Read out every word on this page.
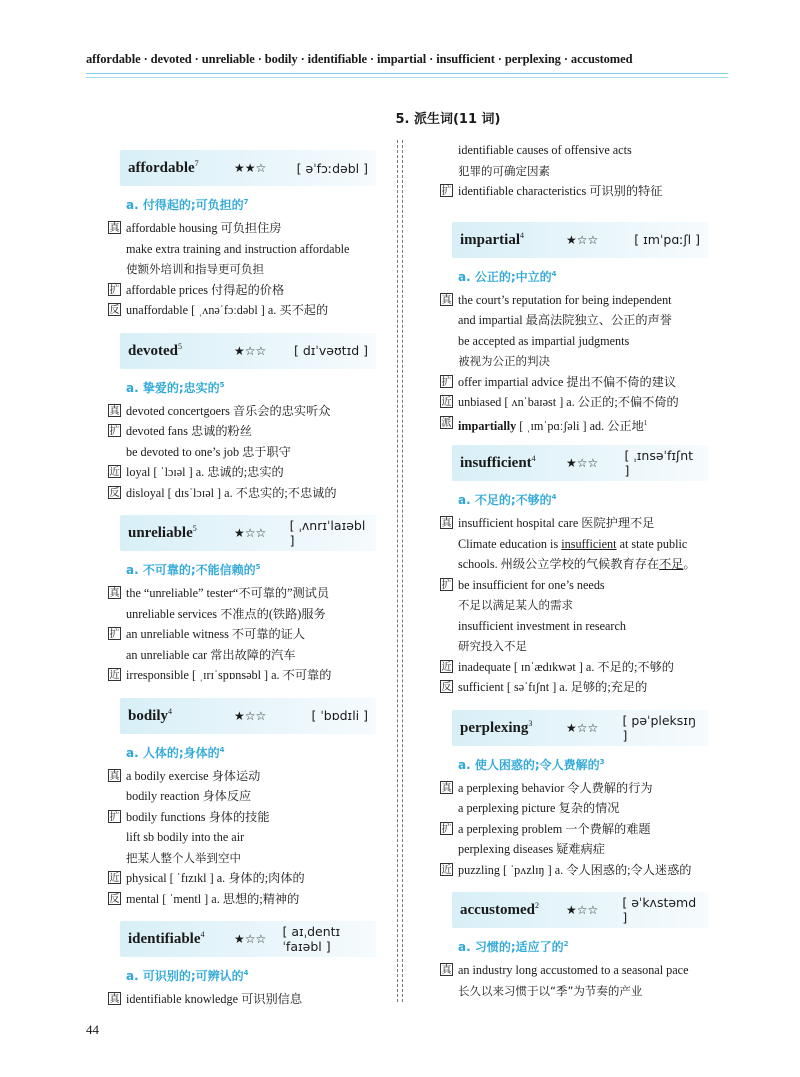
affordable · devoted · unreliable · bodily · identifiable · impartial · insufficient · perplexing · accustomed
5. 派生词(11 词)
affordable$^7$	★★☆	[ əˈfɔːdəbl ]
a. 付得起的;可负担的$^7$
真 affordable housing 可负担住房
make extra training and instruction affordable
使额外培训和指导更可负担
扩 affordable prices 付得起的价格
反 unaffordable [ ˌʌnəˈfɔːdəbl ] a. 买不起的
devoted$^5$	★☆☆	[ dɪˈvəʊtɪd ]
a. 挚爱的;忠实的$^5$
真 devoted concertgoers 音乐会的忠实听众
扩 devoted fans 忠诚的粉丝
be devoted to one’s job 忠于职守
近 loyal [ ˈlɔɪəl ] a. 忠诚的;忠实的
反 disloyal [ dɪsˈlɔɪəl ] a. 不忠实的;不忠诚的
unreliable$^5$	★☆☆	[ ˌʌnrɪˈlaɪəbl ]
a. 不可靠的;不能信赖的$^5$
真 the “unreliable” tester“不可靠的”测试员
unreliable services 不准点的(铁路)服务
扩 an unreliable witness 不可靠的证人
an unreliable car 常出故障的汽车
近 irresponsible [ ˌɪrɪˈspɒnsəbl ] a. 不可靠的
bodily$^4$	★☆☆	[ ˈbɒdɪli ]
a. 人体的;身体的$^4$
真 a bodily exercise 身体运动
bodily reaction 身体反应
扩 bodily functions 身体的技能
lift sb bodily into the air
把某人整个人举到空中
近 physical [ ˈfɪzɪkl ] a. 身体的;肉体的
反 mental [ ˈmentl ] a. 思想的;精神的
identifiable$^4$	★☆☆	[ aɪˌdentɪˈfaɪəbl ]
a. 可识别的;可辨认的$^4$
真 identifiable knowledge 可识别信息
identifiable causes of offensive acts
犯罪的可确定因素
扩 identifiable characteristics 可识别的特征
impartial$^4$	★☆☆	[ ɪmˈpɑːʃl ]
a. 公正的;中立的$^4$
真 the court’s reputation for being independent
and impartial 最高法院独立、公正的声誉
be accepted as impartial judgments
被视为公正的判决
扩 offer impartial advice 提出不偏不倚的建议
近 unbiased [ ʌnˈbaɪəst ] a. 公正的;不偏不倚的
派 impartially [ ˌɪmˈpɑːʃəli ] ad. 公正地$^1$
insufficient$^4$	★☆☆	[ ˌɪnsəˈfɪʃnt ]
a. 不足的;不够的$^4$
真 insufficient hospital care 医院护理不足
Climate education is insufficient at state public
schools. 州级公立学校的气候教育存在不足。
扩 be insufficient for one’s needs
不足以满足某人的需求
insufficient investment in research
研究投入不足
近 inadequate [ ɪnˈædɪkwət ] a. 不足的;不够的
反 sufficient [ səˈfɪʃnt ] a. 足够的;充足的
perplexing$^3$	★☆☆	[ pəˈpleksɪŋ ]
a. 使人困惑的;令人费解的$^3$
真 a perplexing behavior 令人费解的行为
a perplexing picture 复杂的情况
扩 a perplexing problem 一个费解的难题
perplexing diseases 疑难病症
近 puzzling [ ˈpʌzlɪŋ ] a. 令人困惑的;令人迷惑的
accustomed$^2$	★☆☆	[ əˈkʌstəmd ]
a. 习惯的;适应了的$^2$
真 an industry long accustomed to a seasonal pace
长久以来习惯于以“季”为节奏的产业
44
